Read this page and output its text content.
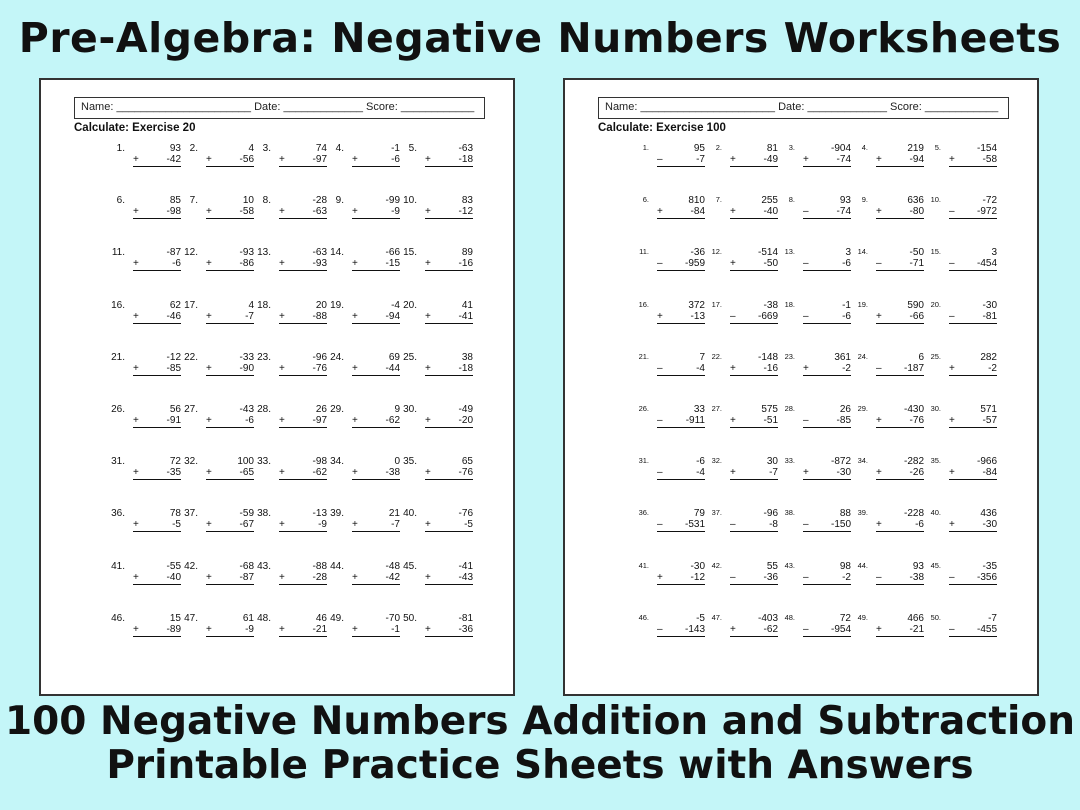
Pre-Algebra: Negative Numbers Worksheets
Name: ______________________ Date: _____________ Score: ____________
Calculate: Exercise 20
1.	93
+	-42
2.	4
+	-56
3.	74
+	-97
4.	-1
+	-6
5.	-63
+	-18
6.	85
+	-98
7.	10
+	-58
8.	-28
+	-63
9.	-99
+	-9
10.	83
+	-12
11.	-87
+	-6
12.	-93
+	-86
13.	-63
+	-93
14.	-66
+	-15
15.	89
+	-16
16.	62
+	-46
17.	4
+	-7
18.	20
+	-88
19.	-4
+	-94
20.	41
+	-41
21.	-12
+	-85
22.	-33
+	-90
23.	-96
+	-76
24.	69
+	-44
25.	38
+	-18
26.	56
+	-91
27.	-43
+	-6
28.	26
+	-97
29.	9
+	-62
30.	-49
+	-20
31.	72
+	-35
32.	100
+	-65
33.	-98
+	-62
34.	0
+	-38
35.	65
+	-76
36.	78
+	-5
37.	-59
+	-67
38.	-13
+	-9
39.	21
+	-7
40.	-76
+	-5
41.	-55
+	-40
42.	-68
+	-87
43.	-88
+	-28
44.	-48
+	-42
45.	-41
+	-43
46.	15
+	-89
47.	61
+	-9
48.	46
+	-21
49.	-70
+	-1
50.	-81
+	-36
Name: ______________________ Date: _____________ Score: ____________
Calculate: Exercise 100
1.	95
–	-7
2.	81
+	-49
3.	-904
+	-74
4.	219
+	-94
5.	-154
+	-58
6.	810
+	-84
7.	255
+	-40
8.	93
–	-74
9.	636
+	-80
10.	-72
– -972
11.	-36
– -959
12.	-514
+	-50
13.	3
–	-6
14.	-50
–	-71
15.	3
– -454
16.	372
+	-13
17.	-38
– -669
18.	-1
–	-6
19.	590
+	-66
20.	-30
–	-81
21.	7
–	-4
22.	-148
+	-16
23.	361
+	-2
24.	6
– -187
25.	282
+	-2
26.	33
– -911
27.	575
+	-51
28.	26
–	-85
29.	-430
+	-76
30.	571
+	-57
31.	-6
–	-4
32.	30
+	-7
33.	-872
+	-30
34.	-282
+	-26
35.	-966
+	-84
36.	79
– -531
37.	-96
–	-8
38.	88
– -150
39.	-228
+	-6
40.	436
+	-30
41.	-30
+	-12
42.	55
–	-36
43.	98
–	-2
44.	93
–	-38
45.	-35
– -356
46.	-5
– -143
47.	-403
+	-62
48.	72
– -954
49.	466
+	-21
50.	-7
– -455
100 Negative Numbers Addition and Subtraction
Printable Practice Sheets with Answers
